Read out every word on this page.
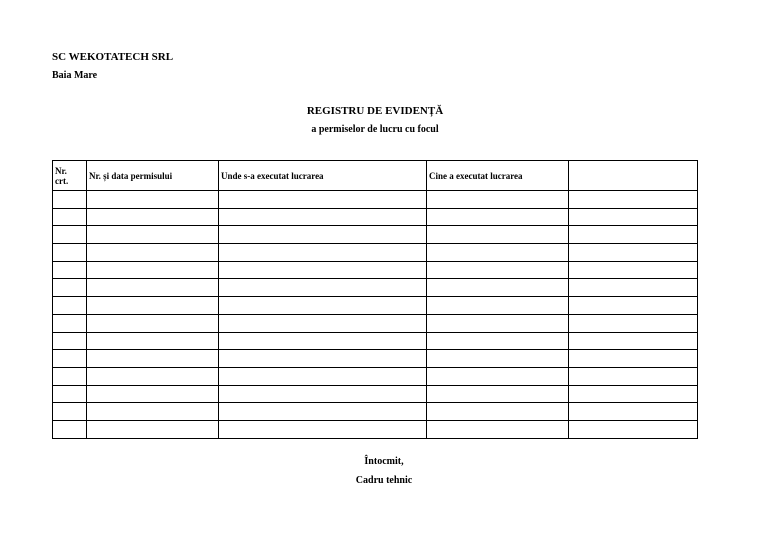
SC WEKOTATECH SRL
Baia Mare
REGISTRU DE EVIDENȚĂ
a permiselor de lucru cu focul
Nr.
crt.	Nr. și data permisului	Unde s-a executat lucrarea	Cine a executat lucrarea	

Întocmit,
Cadru tehnic
